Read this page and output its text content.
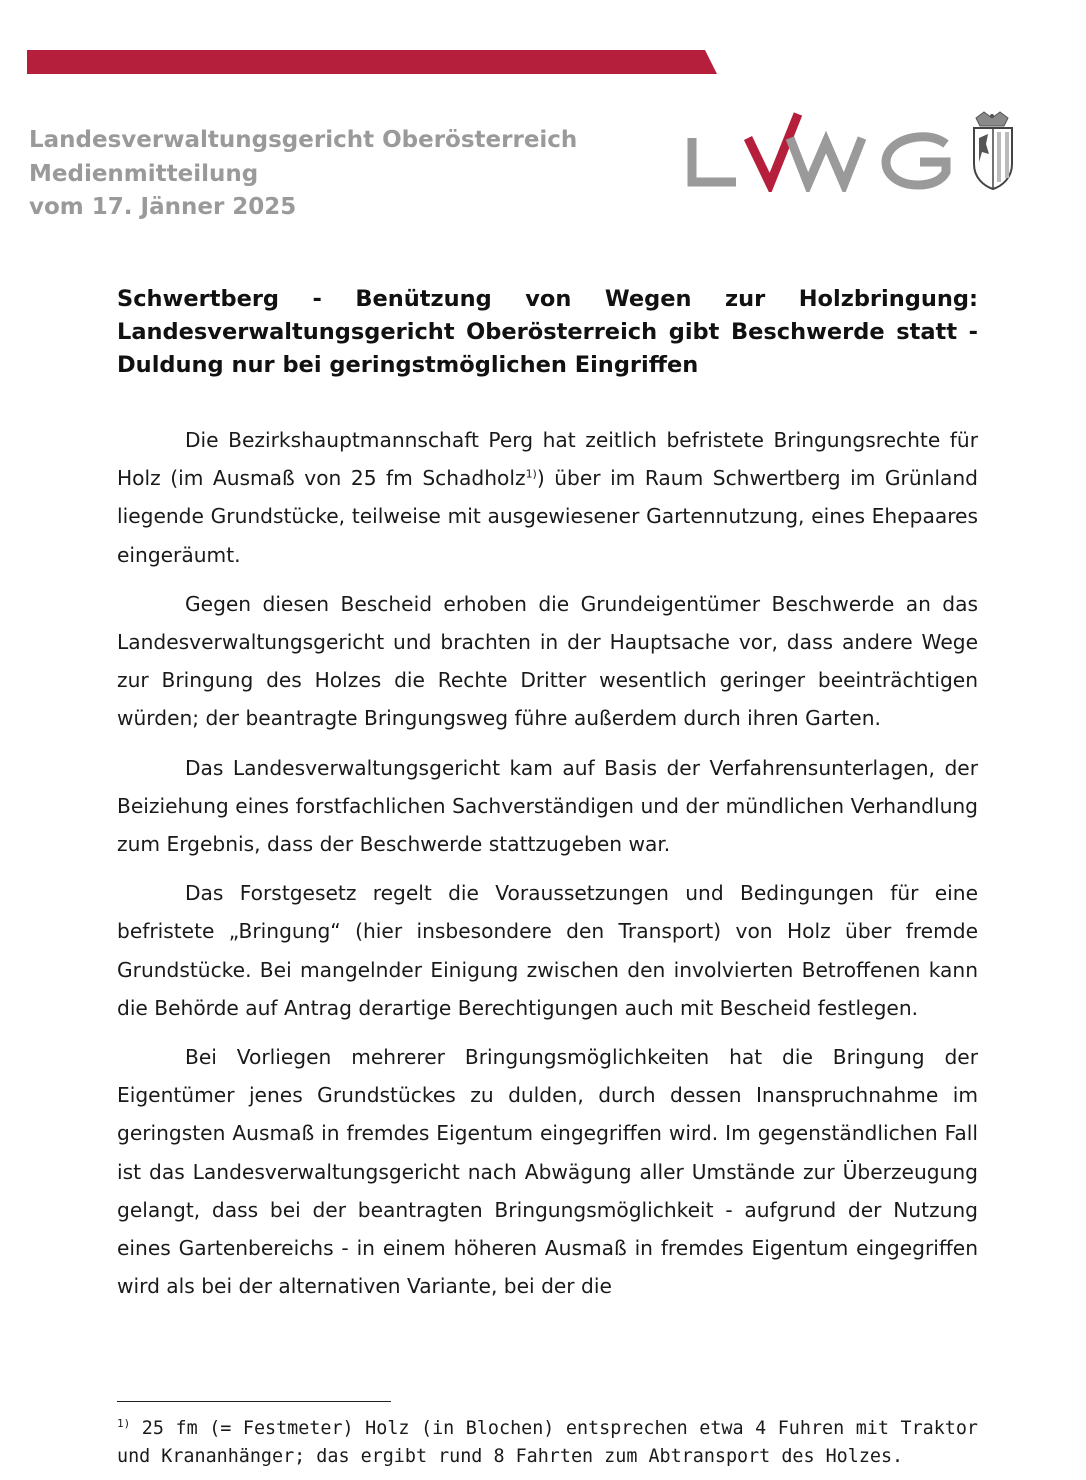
Landesverwaltungsgericht Oberösterreich
Medienmitteilung
vom 17. Jänner 2025
Schwertberg - Benützung von Wegen zur Holzbringung: Landesverwaltungsgericht Oberösterreich gibt Beschwerde statt - Duldung nur bei geringstmöglichen Eingriffen

Die Bezirkshauptmannschaft Perg hat zeitlich befristete Bringungsrechte für Holz (im Ausmaß von 25 fm Schadholz$^{1)}$) über im Raum Schwertberg im Grünland liegende Grundstücke, teilweise mit ausgewiesener Gartennutzung, eines Ehepaares eingeräumt.

Gegen diesen Bescheid erhoben die Grundeigentümer Beschwerde an das Landesverwaltungsgericht und brachten in der Hauptsache vor, dass andere Wege zur Bringung des Holzes die Rechte Dritter wesentlich geringer beeinträchtigen würden; der beantragte Bringungsweg führe außerdem durch ihren Garten.

Das Landesverwaltungsgericht kam auf Basis der Verfahrensunterlagen, der Beiziehung eines forstfachlichen Sachverständigen und der mündlichen Verhandlung zum Ergebnis, dass der Beschwerde stattzugeben war.

Das Forstgesetz regelt die Voraussetzungen und Bedingungen für eine befristete „Bringung“ (hier insbesondere den Transport) von Holz über fremde Grundstücke. Bei mangelnder Einigung zwischen den involvierten Betroffenen kann die Behörde auf Antrag derartige Berechtigungen auch mit Bescheid festlegen.

Bei Vorliegen mehrerer Bringungsmöglichkeiten hat die Bringung der Eigentümer jenes Grundstückes zu dulden, durch dessen Inanspruchnahme im geringsten Ausmaß in fremdes Eigentum eingegriffen wird. Im gegenständlichen Fall ist das Landesverwaltungsgericht nach Abwägung aller Umstände zur Überzeugung gelangt, dass bei der beantragten Bringungsmöglichkeit - aufgrund der Nutzung eines Gartenbereichs - in einem höheren Ausmaß in fremdes Eigentum eingegriffen wird als bei der alternativen Variante, bei der die

$^{1)}$ 25 fm (= Festmeter) Holz (in Blochen) entsprechen etwa 4 Fuhren mit Traktor und Krananhänger; das ergibt rund 8 Fahrten zum Abtransport des Holzes.
